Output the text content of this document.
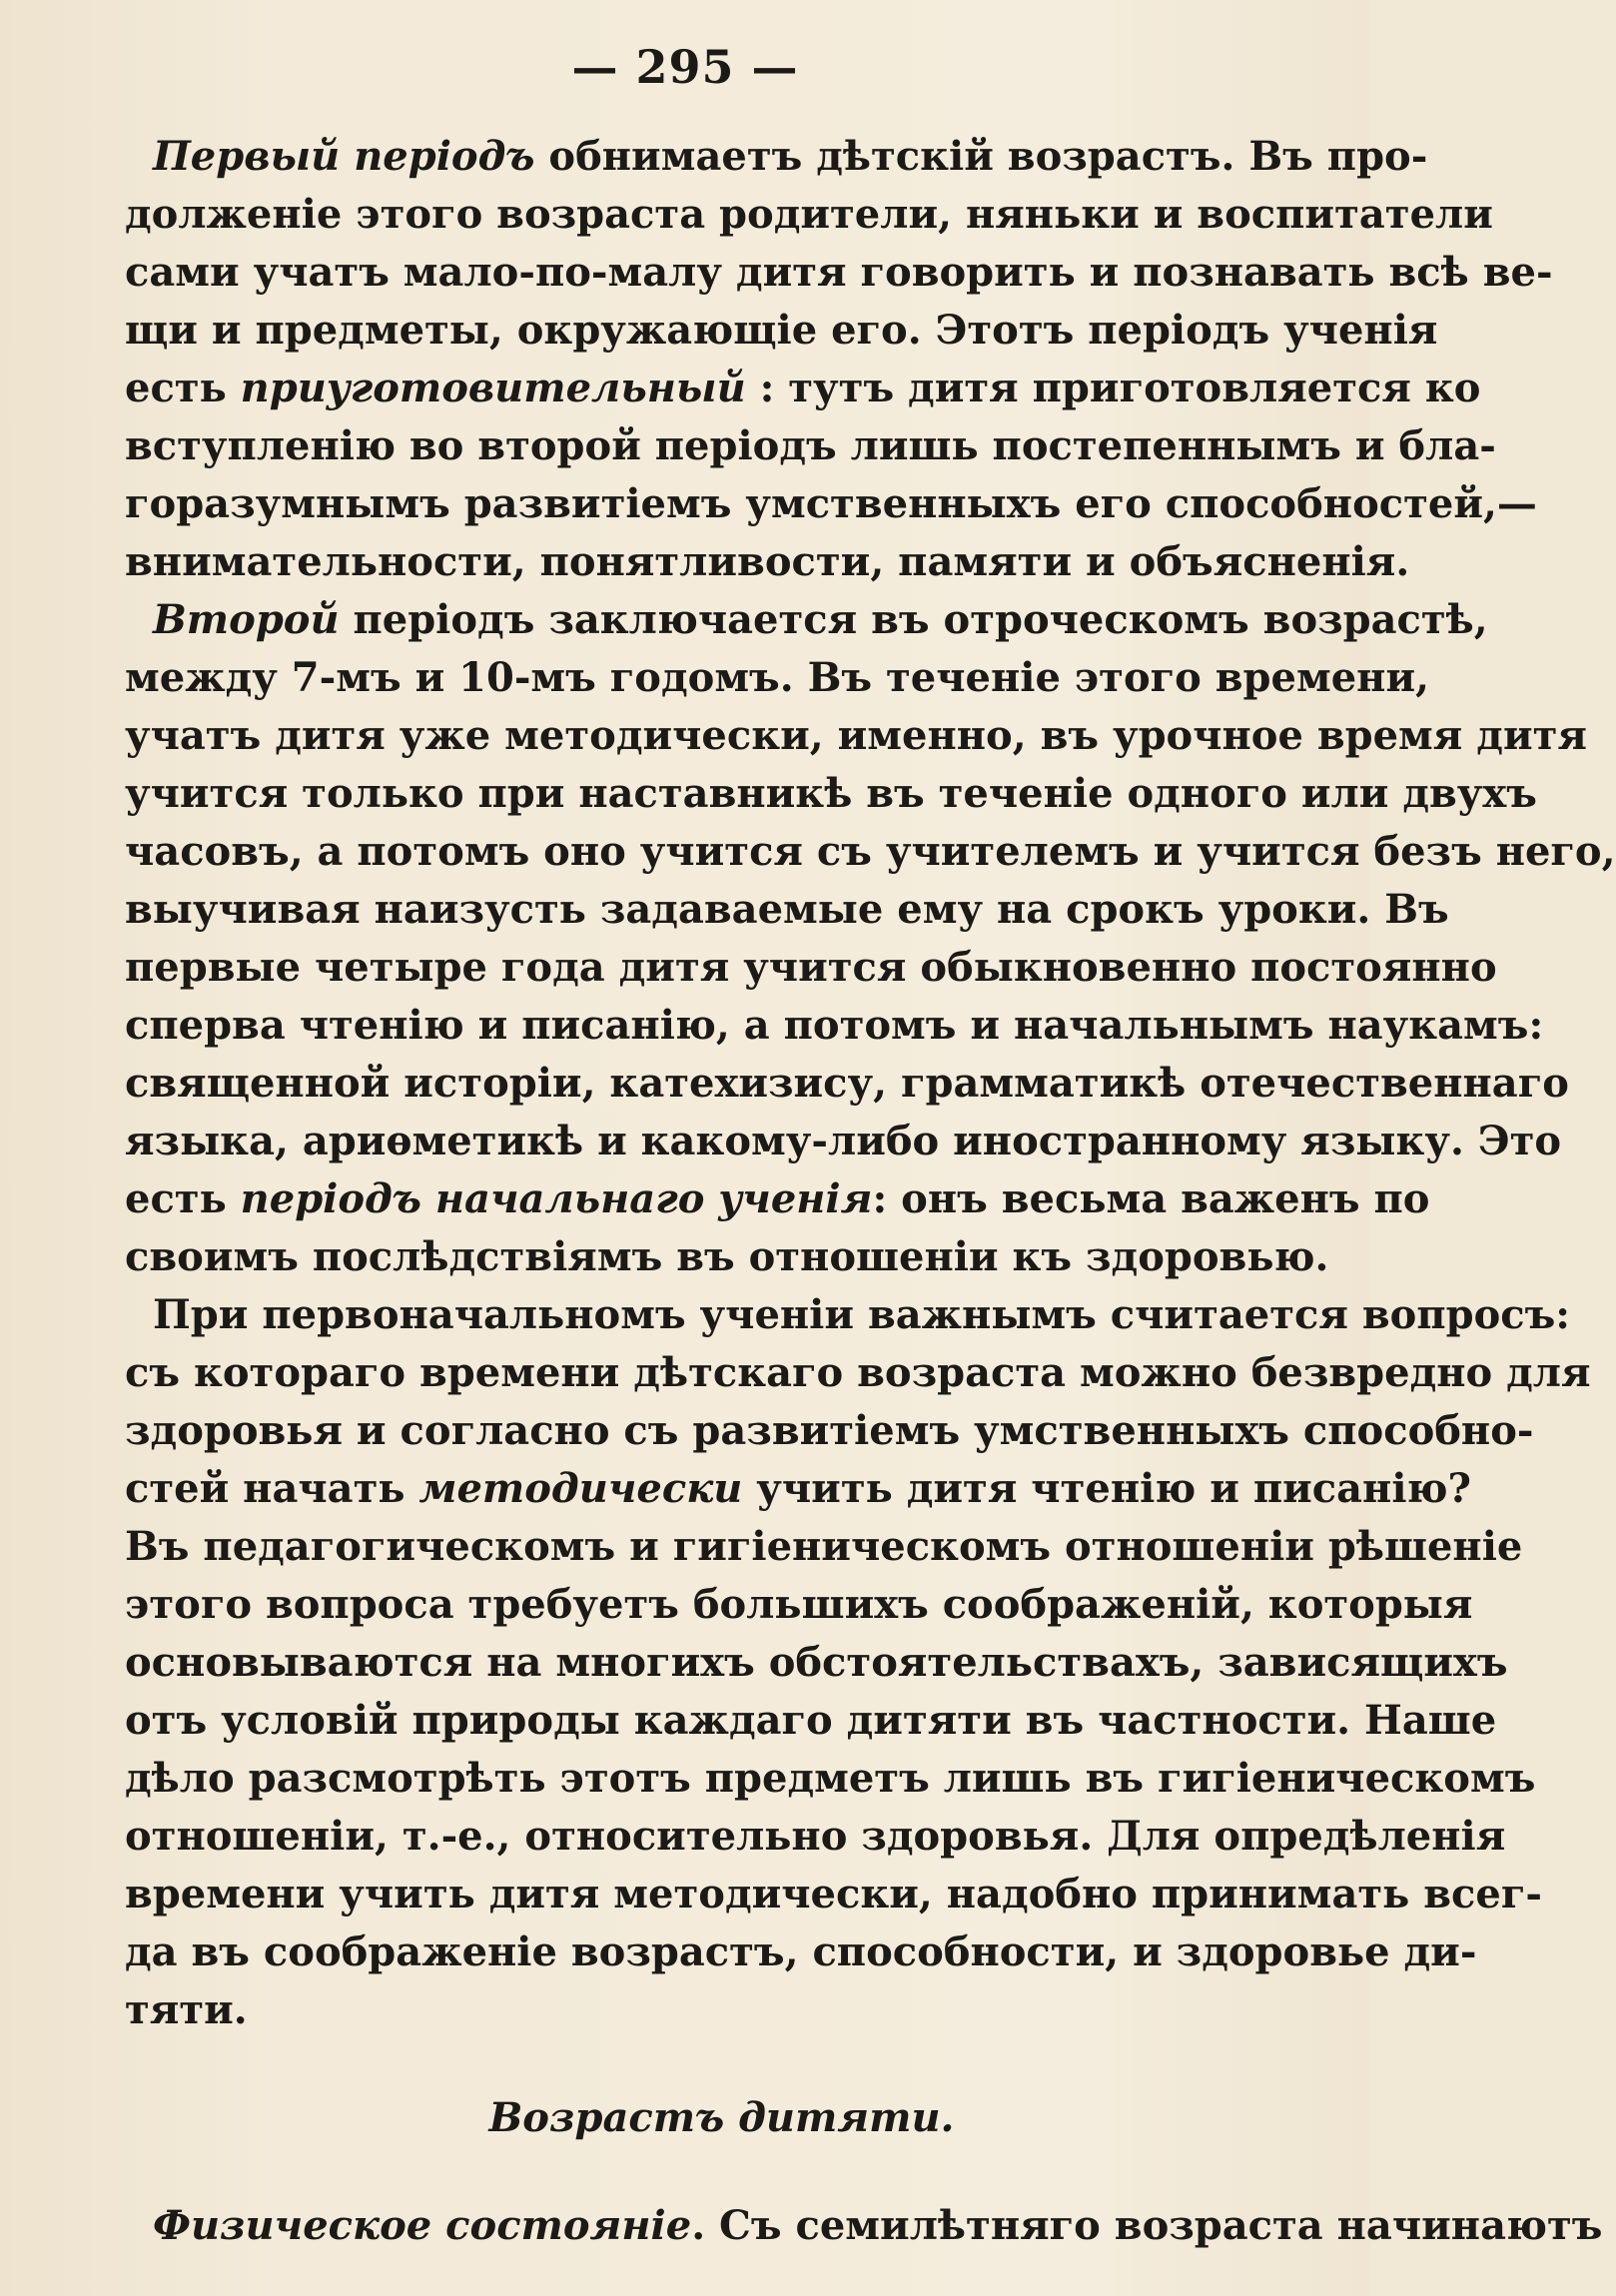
— 295 —
Первый періодъ обнимаетъ дѣтскій возрастъ. Въ про-
долженіе этого возраста родители, няньки и воспитатели
сами учатъ мало-по-малу дитя говорить и познавать всѣ ве-
щи и предметы, окружающіе его. Этотъ періодъ ученія
есть приуготовительный : тутъ дитя приготовляется ко
вступленію во второй періодъ лишь постепеннымъ и бла-
горазумнымъ развитіемъ умственныхъ его способностей,—
внимательности, понятливости, памяти и объясненія.
Второй періодъ заключается въ отроческомъ возрастѣ,
между 7-мъ и 10-мъ годомъ. Въ теченіе этого времени,
учатъ дитя уже методически, именно, въ урочное время дитя
учится только при наставникѣ въ теченіе одного или двухъ
часовъ, а потомъ оно учится съ учителемъ и учится безъ него,
выучивая наизусть задаваемые ему на срокъ уроки. Въ
первые четыре года дитя учится обыкновенно постоянно
сперва чтенію и писанію, а потомъ и начальнымъ наукамъ:
священной исторіи, катехизису, грамматикѣ отечественнаго
языка, ариѳметикѣ и какому-либо иностранному языку. Это
есть періодъ начальнаго ученія: онъ весьма важенъ по
своимъ послѣдствіямъ въ отношеніи къ здоровью.
При первоначальномъ ученіи важнымъ считается вопросъ:
съ котораго времени дѣтскаго возраста можно безвредно для
здоровья и согласно съ развитіемъ умственныхъ способно-
стей начать методически учить дитя чтенію и писанію?
Въ педагогическомъ и гигіеническомъ отношеніи рѣшеніе
этого вопроса требуетъ большихъ соображеній, которыя
основываются на многихъ обстоятельствахъ, зависящихъ
отъ условій природы каждаго дитяти въ частности. Наше
дѣло разсмотрѣть этотъ предметъ лишь въ гигіеническомъ
отношеніи, т.-е., относительно здоровья. Для опредѣленія
времени учить дитя методически, надобно принимать всег-
да въ соображеніе возрастъ, способности, и здоровье ди-
тяти.
Возрастъ дитяти.
Физическое состояніе. Съ семилѣтняго возраста начинаютъ
